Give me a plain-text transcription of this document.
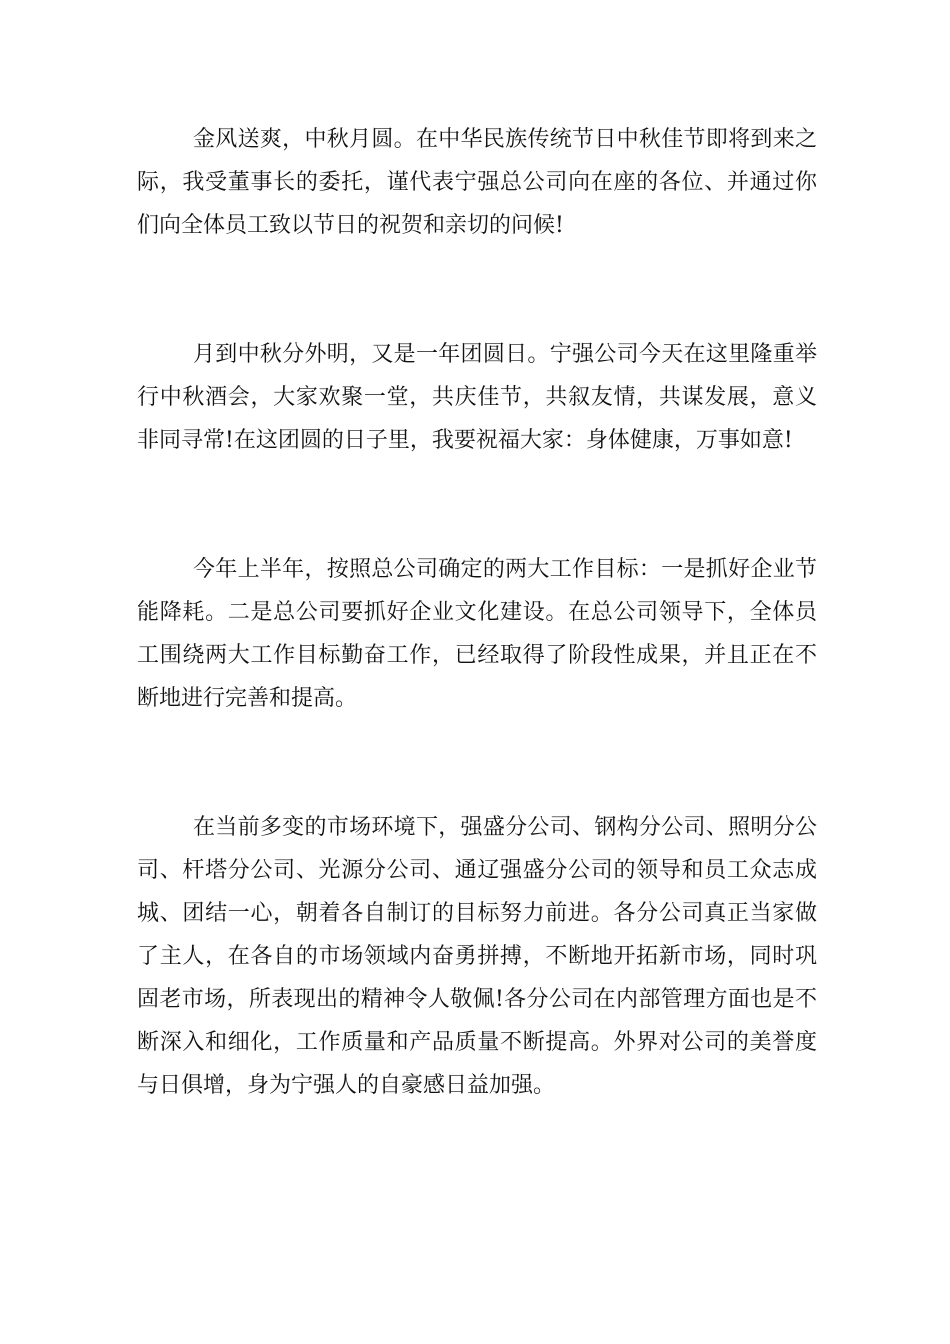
金风送爽，中秋月圆。在中华民族传统节日中秋佳节即将到来之际，我受董事长的委托，谨代表宁强总公司向在座的各位、并通过你们向全体员工致以节日的祝贺和亲切的问候!

月到中秋分外明，又是一年团圆日。宁强公司今天在这里隆重举行中秋酒会，大家欢聚一堂，共庆佳节，共叙友情，共谋发展，意义非同寻常!在这团圆的日子里，我要祝福大家：身体健康，万事如意!

今年上半年，按照总公司确定的两大工作目标：一是抓好企业节能降耗。二是总公司要抓好企业文化建设。在总公司领导下，全体员工围绕两大工作目标勤奋工作，已经取得了阶段性成果，并且正在不断地进行完善和提高。

在当前多变的市场环境下，强盛分公司、钢构分公司、照明分公司、杆塔分公司、光源分公司、通辽强盛分公司的领导和员工众志成城、团结一心，朝着各自制订的目标努力前进。各分公司真正当家做了主人，在各自的市场领域内奋勇拼搏，不断地开拓新市场，同时巩固老市场，所表现出的精神令人敬佩!各分公司在内部管理方面也是不断深入和细化，工作质量和产品质量不断提高。外界对公司的美誉度与日俱增，身为宁强人的自豪感日益加强。
